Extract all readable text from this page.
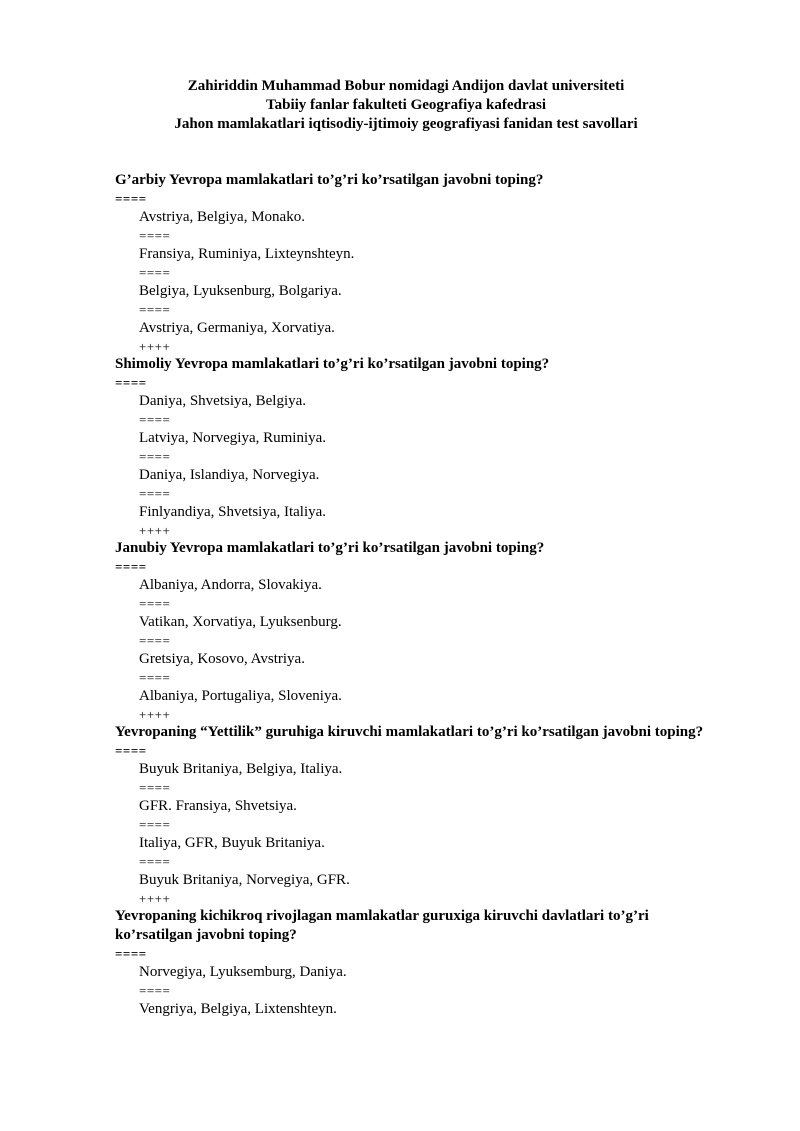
Zahiriddin Muhammad Bobur nomidagi Andijon davlat universiteti
Tabiiy fanlar fakulteti Geografiya kafedrasi
Jahon mamlakatlari iqtisodiy-ijtimoiy geografiyasi fanidan test savollari
G’arbiy Yevropa mamlakatlari to’g’ri ko’rsatilgan javobni toping?
====
Avstriya, Belgiya, Monako.
====
Fransiya, Ruminiya, Lixteynshteyn.
====
Belgiya, Lyuksenburg, Bolgariya.
====
Avstriya, Germaniya, Xorvatiya.
++++
Shimoliy Yevropa mamlakatlari to’g’ri ko’rsatilgan javobni toping?
====
Daniya, Shvetsiya, Belgiya.
====
Latviya, Norvegiya, Ruminiya.
====
Daniya, Islandiya, Norvegiya.
====
Finlyandiya, Shvetsiya, Italiya.
++++
Janubiy Yevropa mamlakatlari to’g’ri ko’rsatilgan javobni toping?
====
Albaniya, Andorra, Slovakiya.
====
Vatikan, Xorvatiya, Lyuksenburg.
====
Gretsiya, Kosovo, Avstriya.
====
Albaniya, Portugaliya, Sloveniya.
++++
Yevropaning “Yettilik” guruhiga kiruvchi mamlakatlari to’g’ri ko’rsatilgan javobni toping?
====
Buyuk Britaniya, Belgiya, Italiya.
====
GFR. Fransiya, Shvetsiya.
====
Italiya, GFR, Buyuk Britaniya.
====
Buyuk Britaniya, Norvegiya, GFR.
++++
Yevropaning kichikroq rivojlagan mamlakatlar guruxiga kiruvchi davlatlari to’g’ri ko’rsatilgan javobni toping?
====
Norvegiya, Lyuksemburg, Daniya.
====
Vengriya, Belgiya, Lixtenshteyn.
